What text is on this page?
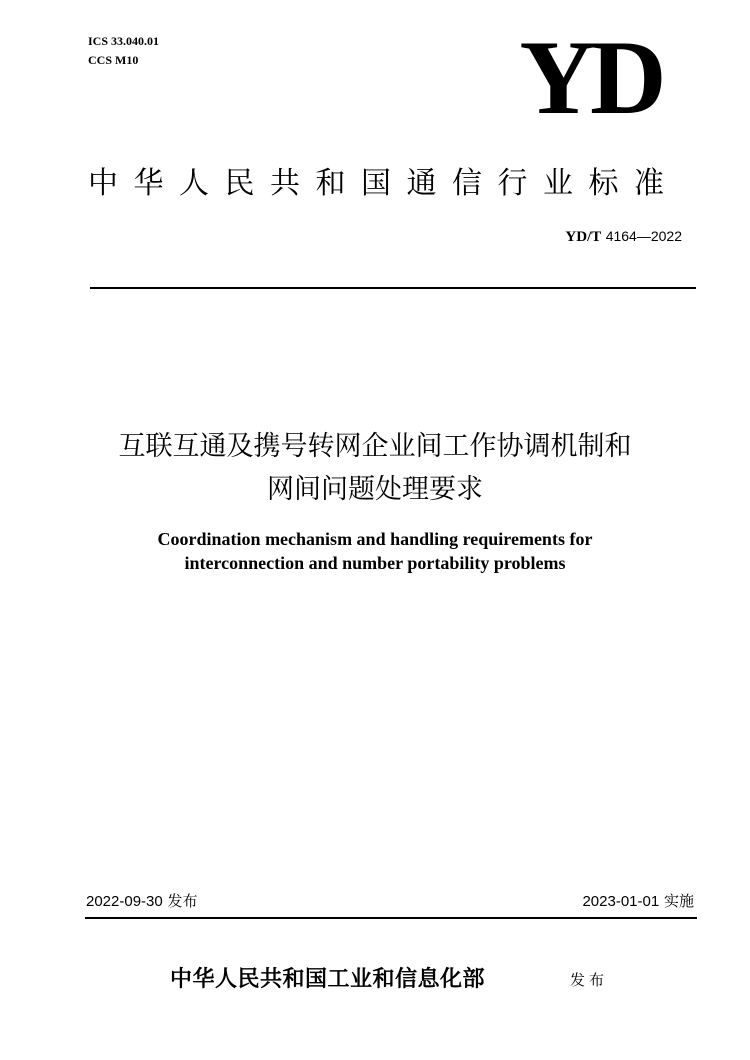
ICS 33.040.01
CCS M10	YD
中华人民共和国通信行业标准
YD/T 4164—2022
互联互通及携号转网企业间工作协调机制和
网间问题处理要求
Coordination mechanism and handling requirements for
interconnection and number portability problems
2022-09-30 发布	2023-01-01 实施
中华人民共和国工业和信息化部	发布
